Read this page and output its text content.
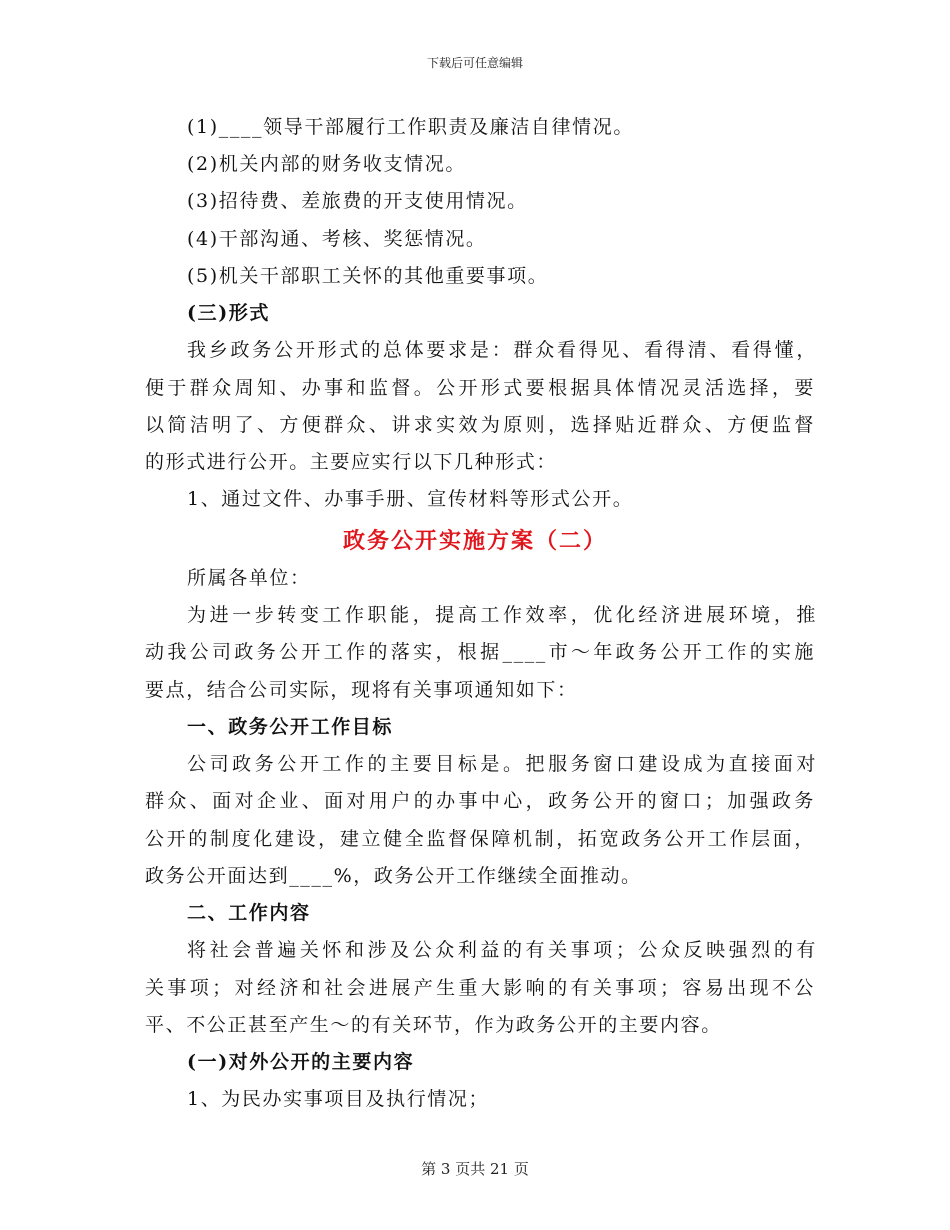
下载后可任意编辑
(1)____领导干部履行工作职责及廉洁自律情况。
(2)机关内部的财务收支情况。
(3)招待费、差旅费的开支使用情况。
(4)干部沟通、考核、奖惩情况。
(5)机关干部职工关怀的其他重要事项。
(三)形式
我乡政务公开形式的总体要求是：群众看得见、看得清、看得懂，
便于群众周知、办事和监督。公开形式要根据具体情况灵活选择，要
以简洁明了、方便群众、讲求实效为原则，选择贴近群众、方便监督
的形式进行公开。主要应实行以下几种形式：
1、通过文件、办事手册、宣传材料等形式公开。
政务公开实施方案（二）
所属各单位：
为进一步转变工作职能，提高工作效率，优化经济进展环境，推
动我公司政务公开工作的落实，根据____市～年政务公开工作的实施
要点，结合公司实际，现将有关事项通知如下：
一、政务公开工作目标
公司政务公开工作的主要目标是。把服务窗口建设成为直接面对
群众、面对企业、面对用户的办事中心，政务公开的窗口；加强政务
公开的制度化建设，建立健全监督保障机制，拓宽政务公开工作层面，
政务公开面达到____%，政务公开工作继续全面推动。
二、工作内容
将社会普遍关怀和涉及公众利益的有关事项；公众反映强烈的有
关事项；对经济和社会进展产生重大影响的有关事项；容易出现不公
平、不公正甚至产生～的有关环节，作为政务公开的主要内容。
(一)对外公开的主要内容
1、为民办实事项目及执行情况；
第 3 页共 21 页
